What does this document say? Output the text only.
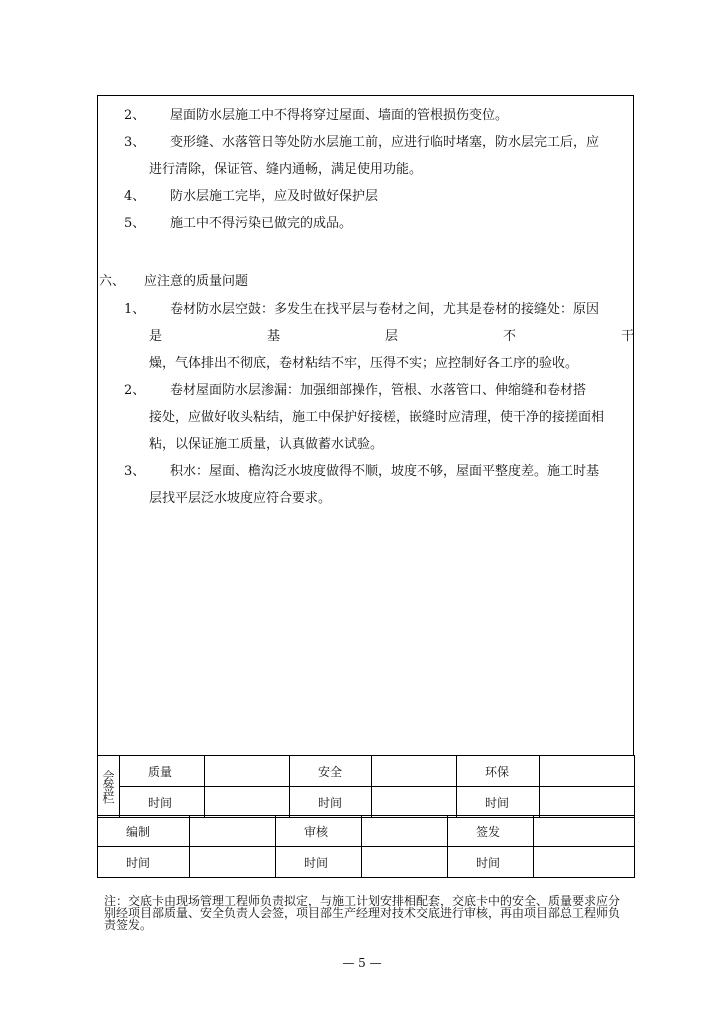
2、 屋面防水层施工中不得将穿过屋面、墙面的管根损伤变位。
3、 变形缝、水落管日等处防水层施工前，应进行临时堵塞，防水层完工后，应
进行清除，保证管、缝内通畅，满足使用功能。
4、 防水层施工完毕，应及时做好保护层
5、 施工中不得污染已做完的成品。
六、 应注意的质量问题
1、 卷材防水层空鼓：多发生在找平层与卷材之间，尤其是卷材的接缝处：原因
是	基	层	不	干
燥，气体排出不彻底，卷材粘结不牢，压得不实；应控制好各工序的验收。
2、 卷材屋面防水层渗漏：加强细部操作，管根、水落管口、伸缩缝和卷材搭
接处，应做好收头粘结，施工中保护好接槎，嵌缝时应清理，使干净的接搓面相
粘，以保证施工质量，认真做蓄水试验。
3、 积水：屋面、檐沟泛水坡度做得不顺，坡度不够，屋面平整度差。施工时基
层找平层泛水坡度应符合要求。
会签栏	质量		安全		环保	
	时间		时间		时间	
编制		审核		签发	
时间		时间		时间	
注：交底卡由现场管理工程师负责拟定，与施工计划安排相配套，交底卡中的安全、质量要求应分别经项目部质量、安全负责人会签，项目部生产经理对技术交底进行审核，再由项目部总工程师负责签发。
— 5 —
